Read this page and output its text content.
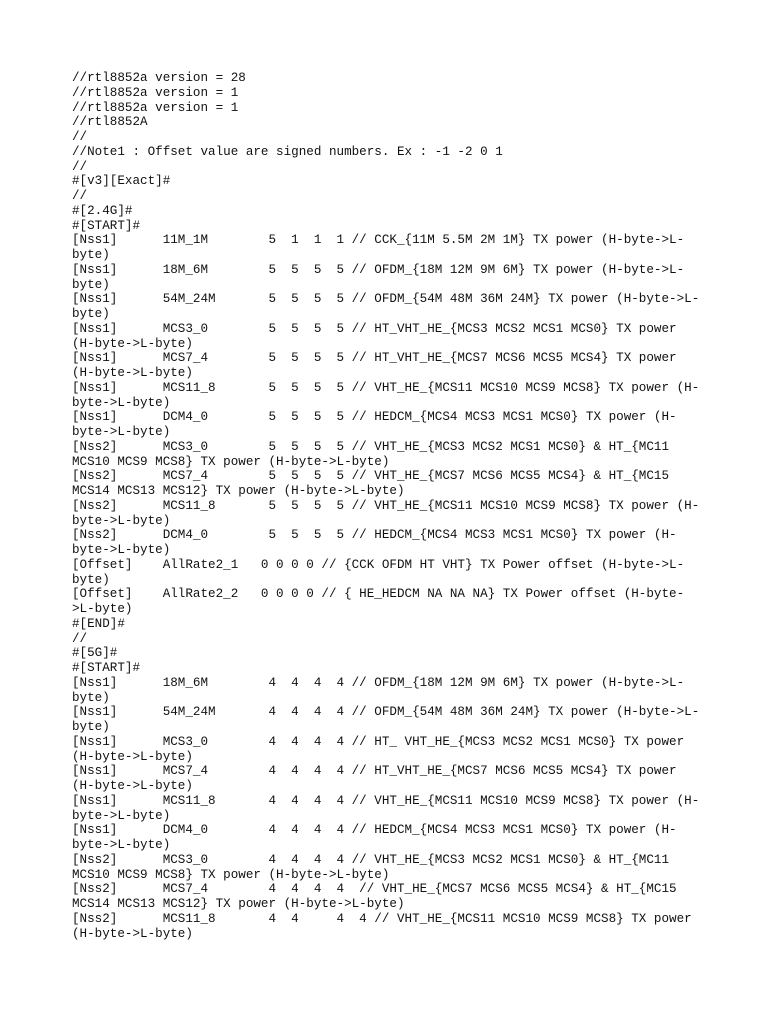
//rtl8852a version = 28
//rtl8852a version = 1
//rtl8852a version = 1
//rtl8852A
//
//Note1 : Offset value are signed numbers. Ex : -1 -2 0 1
//
#[v3][Exact]#
//
#[2.4G]#
#[START]#
[Nss1]      11M_1M        5  1  1  1 // CCK_{11M 5.5M 2M 1M} TX power (H-byte->L-
byte)
[Nss1]      18M_6M        5  5  5  5 // OFDM_{18M 12M 9M 6M} TX power (H-byte->L-
byte)
[Nss1]      54M_24M       5  5  5  5 // OFDM_{54M 48M 36M 24M} TX power (H-byte->L-
byte)
[Nss1]      MCS3_0        5  5  5  5 // HT_VHT_HE_{MCS3 MCS2 MCS1 MCS0} TX power
(H-byte->L-byte)
[Nss1]      MCS7_4        5  5  5  5 // HT_VHT_HE_{MCS7 MCS6 MCS5 MCS4} TX power
(H-byte->L-byte)
[Nss1]      MCS11_8       5  5  5  5 // VHT_HE_{MCS11 MCS10 MCS9 MCS8} TX power (H-
byte->L-byte)
[Nss1]      DCM4_0        5  5  5  5 // HEDCM_{MCS4 MCS3 MCS1 MCS0} TX power (H-
byte->L-byte)
[Nss2]      MCS3_0        5  5  5  5 // VHT_HE_{MCS3 MCS2 MCS1 MCS0} & HT_{MC11
MCS10 MCS9 MCS8} TX power (H-byte->L-byte)
[Nss2]      MCS7_4        5  5  5  5 // VHT_HE_{MCS7 MCS6 MCS5 MCS4} & HT_{MC15
MCS14 MCS13 MCS12} TX power (H-byte->L-byte)
[Nss2]      MCS11_8       5  5  5  5 // VHT_HE_{MCS11 MCS10 MCS9 MCS8} TX power (H-
byte->L-byte)
[Nss2]      DCM4_0        5  5  5  5 // HEDCM_{MCS4 MCS3 MCS1 MCS0} TX power (H-
byte->L-byte)
[Offset]    AllRate2_1   0 0 0 0 // {CCK OFDM HT VHT} TX Power offset (H-byte->L-
byte)
[Offset]    AllRate2_2   0 0 0 0 // { HE_HEDCM NA NA NA} TX Power offset (H-byte-
>L-byte)
#[END]#
//
#[5G]#
#[START]#
[Nss1]      18M_6M        4  4  4  4 // OFDM_{18M 12M 9M 6M} TX power (H-byte->L-
byte)
[Nss1]      54M_24M       4  4  4  4 // OFDM_{54M 48M 36M 24M} TX power (H-byte->L-
byte)
[Nss1]      MCS3_0        4  4  4  4 // HT_ VHT_HE_{MCS3 MCS2 MCS1 MCS0} TX power
(H-byte->L-byte)
[Nss1]      MCS7_4        4  4  4  4 // HT_VHT_HE_{MCS7 MCS6 MCS5 MCS4} TX power
(H-byte->L-byte)
[Nss1]      MCS11_8       4  4  4  4 // VHT_HE_{MCS11 MCS10 MCS9 MCS8} TX power (H-
byte->L-byte)
[Nss1]      DCM4_0        4  4  4  4 // HEDCM_{MCS4 MCS3 MCS1 MCS0} TX power (H-
byte->L-byte)
[Nss2]      MCS3_0        4  4  4  4 // VHT_HE_{MCS3 MCS2 MCS1 MCS0} & HT_{MC11
MCS10 MCS9 MCS8} TX power (H-byte->L-byte)
[Nss2]      MCS7_4        4  4  4  4  // VHT_HE_{MCS7 MCS6 MCS5 MCS4} & HT_{MC15
MCS14 MCS13 MCS12} TX power (H-byte->L-byte)
[Nss2]      MCS11_8       4  4     4  4 // VHT_HE_{MCS11 MCS10 MCS9 MCS8} TX power
(H-byte->L-byte)
